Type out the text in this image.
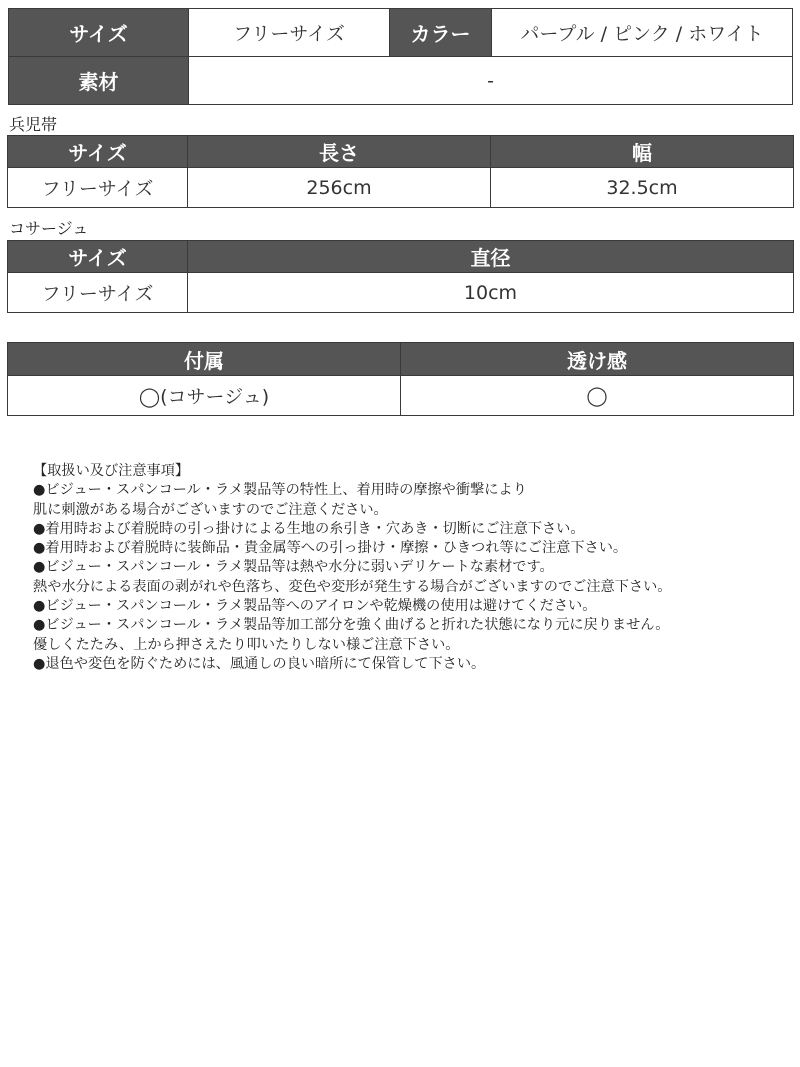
サイズ	フリーサイズ	カラー	パープル / ピンク / ホワイト
素材	-		
兵児帯
サイズ	長さ	幅
フリーサイズ	256cm	32.5cm
コサージュ
サイズ	直径
フリーサイズ	10cm
付属	透け感
◯(コサージュ)	◯
【取扱い及び注意事項】
●ビジュー・スパンコール・ラメ製品等の特性上、着用時の摩擦や衝撃により
肌に刺激がある場合がございますのでご注意ください。
●着用時および着脱時の引っ掛けによる生地の糸引き・穴あき・切断にご注意下さい。
●着用時および着脱時に装飾品・貴金属等への引っ掛け・摩擦・ひきつれ等にご注意下さい。
●ビジュー・スパンコール・ラメ製品等は熱や水分に弱いデリケートな素材です。
熱や水分による表面の剥がれや色落ち、変色や変形が発生する場合がございますのでご注意下さい。
●ビジュー・スパンコール・ラメ製品等へのアイロンや乾燥機の使用は避けてください。
●ビジュー・スパンコール・ラメ製品等加工部分を強く曲げると折れた状態になり元に戻りません。
優しくたたみ、上から押さえたり叩いたりしない様ご注意下さい。
●退色や変色を防ぐためには、風通しの良い暗所にて保管して下さい。
